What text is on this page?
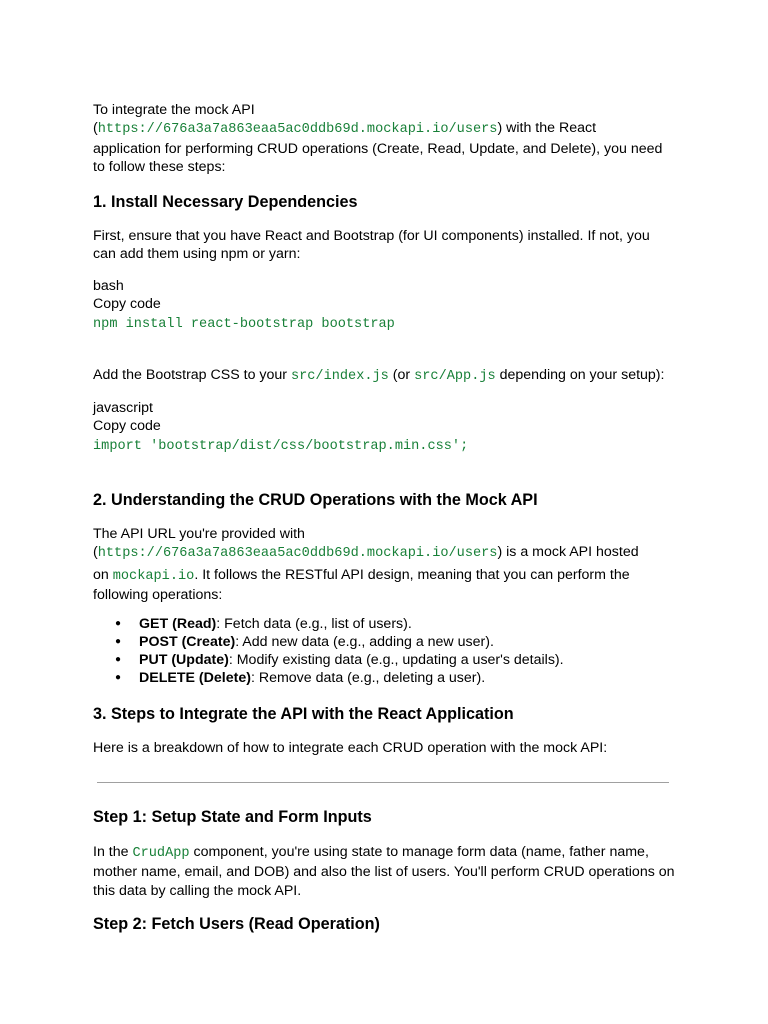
To integrate the mock API

(https://676a3a7a863eaa5ac0ddb69d.mockapi.io/users) with the React

application for performing CRUD operations (Create, Read, Update, and Delete), you need

to follow these steps:

1. Install Necessary Dependencies

First, ensure that you have React and Bootstrap (for UI components) installed. If not, you

can add them using npm or yarn:

bash

Copy code

npm install react-bootstrap bootstrap

Add the Bootstrap CSS to your src/index.js (or src/App.js depending on your setup):

javascript

Copy code

import 'bootstrap/dist/css/bootstrap.min.css';

2. Understanding the CRUD Operations with the Mock API

The API URL you're provided with

(https://676a3a7a863eaa5ac0ddb69d.mockapi.io/users) is a mock API hosted

on mockapi.io. It follows the RESTful API design, meaning that you can perform the

following operations:

● GET (Read): Fetch data (e.g., list of users).
● POST (Create): Add new data (e.g., adding a new user).
● PUT (Update): Modify existing data (e.g., updating a user's details).
● DELETE (Delete): Remove data (e.g., deleting a user).
3. Steps to Integrate the API with the React Application

Here is a breakdown of how to integrate each CRUD operation with the mock API:

Step 1: Setup State and Form Inputs

In the CrudApp component, you're using state to manage form data (name, father name,

mother name, email, and DOB) and also the list of users. You'll perform CRUD operations on

this data by calling the mock API.

Step 2: Fetch Users (Read Operation)
